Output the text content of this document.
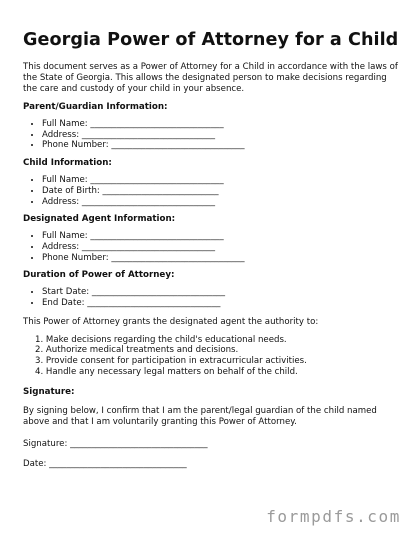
Georgia Power of Attorney for a Child

This document serves as a Power of Attorney for a Child in accordance with the laws of the State of Georgia. This allows the designated person to make decisions regarding the care and custody of your child in your absence.

Parent/Guardian Information:
• Full Name: _______________________________
• Address: _______________________________
• Phone Number: _______________________________
Child Information:
• Full Name: _______________________________
• Date of Birth: ___________________________
• Address: _______________________________
Designated Agent Information:
• Full Name: _______________________________
• Address: _______________________________
• Phone Number: _______________________________
Duration of Power of Attorney:
• Start Date: _______________________________
• End Date: _______________________________

This Power of Attorney grants the designated agent the authority to:

1. Make decisions regarding the child's educational needs.
2. Authorize medical treatments and decisions.
3. Provide consent for participation in extracurricular activities.
4. Handle any necessary legal matters on behalf of the child.
Signature:

By signing below, I confirm that I am the parent/legal guardian of the child named above and that I am voluntarily granting this Power of Attorney.

Signature: ________________________________
Date: ________________________________
formpdfs.com
